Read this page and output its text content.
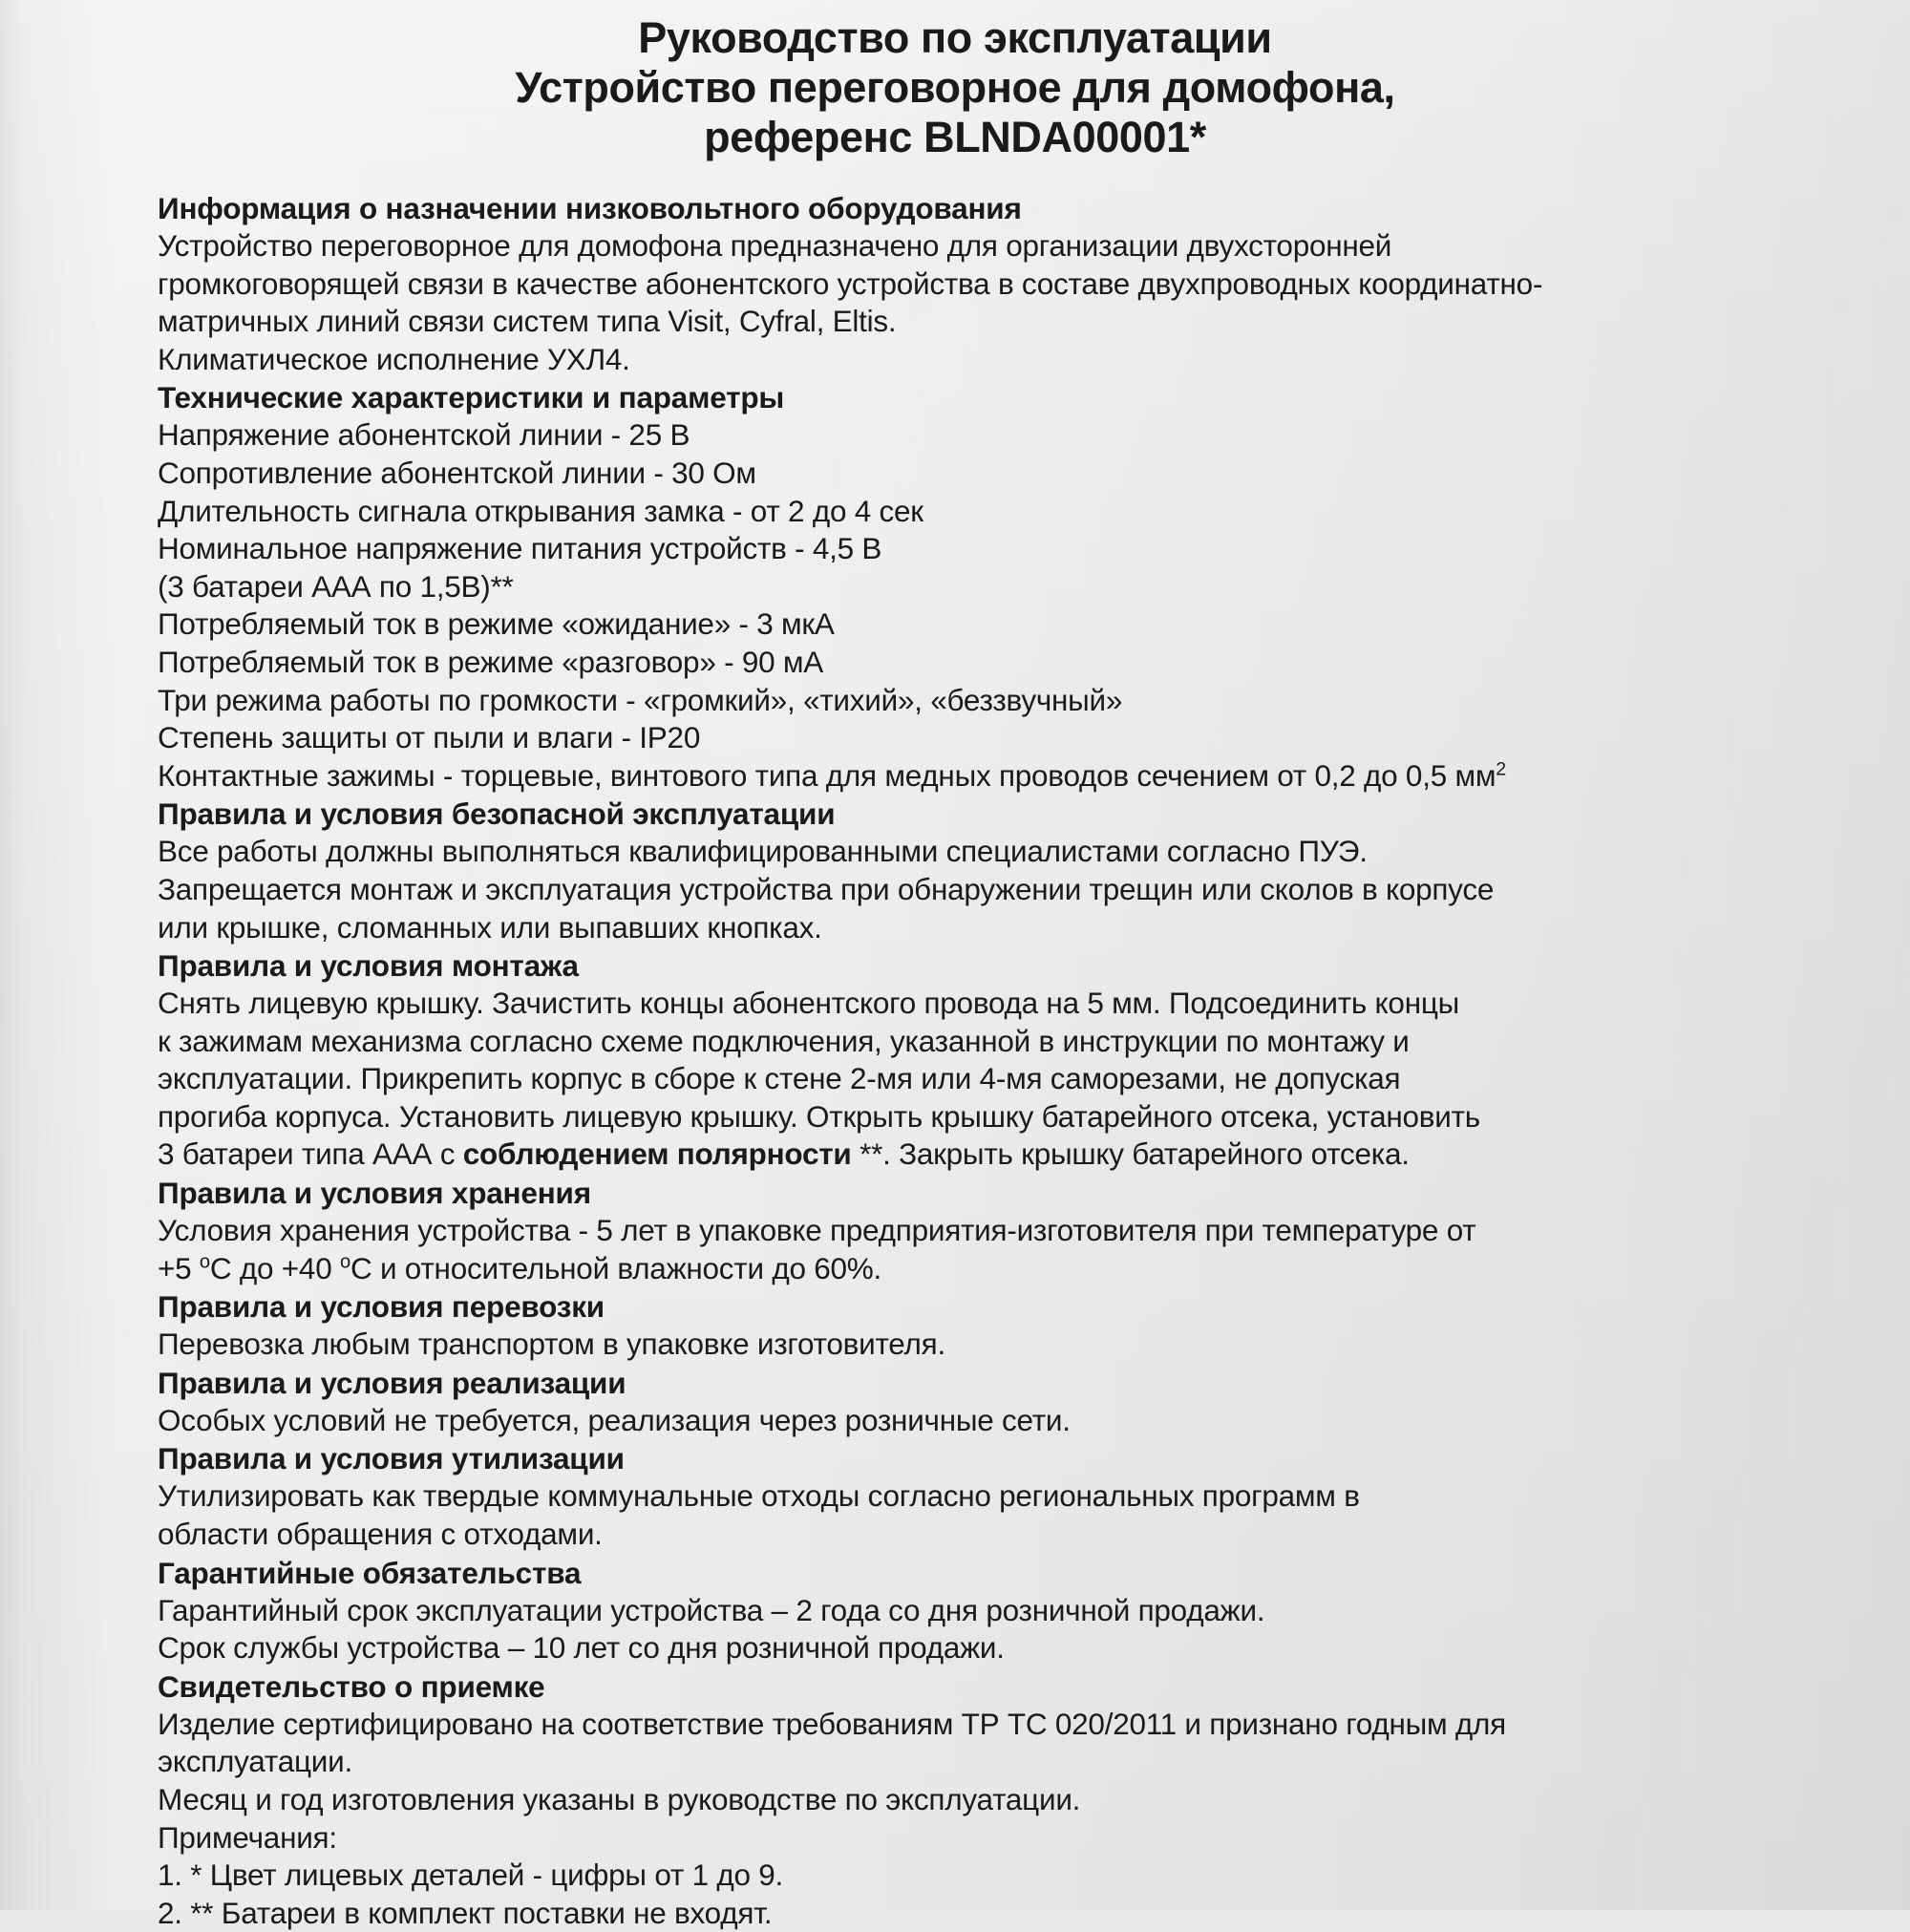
Руководство по эксплуатации
Устройство переговорное для домофона,
референс BLNDA00001*
Информация о назначении низковольтного оборудования
Устройство переговорное для домофона предназначено для организации двухсторонней
громкоговорящей связи в качестве абонентского устройства в составе двухпроводных координатно-
матричных линий связи систем типа Visit, Cyfral, Eltis.
Климатическое исполнение УХЛ4.
Технические характеристики и параметры
Напряжение абонентской линии - 25 В
Сопротивление абонентской линии - 30 Ом
Длительность сигнала открывания замка - от 2 до 4 сек
Номинальное напряжение питания устройств - 4,5 В
(3 батареи ААА по 1,5В)**
Потребляемый ток в режиме «ожидание» - 3 мкА
Потребляемый ток в режиме «разговор» - 90 мА
Три режима работы по громкости - «громкий», «тихий», «беззвучный»
Степень защиты от пыли и влаги - IP20
Контактные зажимы - торцевые, винтового типа для медных проводов сечением от 0,2 до 0,5 $мм^2$
Правила и условия безопасной эксплуатации
Все работы должны выполняться квалифицированными специалистами согласно ПУЭ.
Запрещается монтаж и эксплуатация устройства при обнаружении трещин или сколов в корпусе
или крышке, сломанных или выпавших кнопках.
Правила и условия монтажа
Снять лицевую крышку. Зачистить концы абонентского провода на 5 мм. Подсоединить концы
к зажимам механизма согласно схеме подключения, указанной в инструкции по монтажу и
эксплуатации. Прикрепить корпус в сборе к стене 2-мя или 4-мя саморезами, не допуская
прогиба корпуса. Установить лицевую крышку. Открыть крышку батарейного отсека, установить
3 батареи типа ААА с соблюдением полярности **. Закрыть крышку батарейного отсека.
Правила и условия хранения
Условия хранения устройства - 5 лет в упаковке предприятия-изготовителя при температуре от
+5 $^o$С до +40 $^o$С и относительной влажности до 60%.
Правила и условия перевозки
Перевозка любым транспортом в упаковке изготовителя.
Правила и условия реализации
Особых условий не требуется, реализация через розничные сети.
Правила и условия утилизации
Утилизировать как твердые коммунальные отходы согласно региональных программ в
области обращения с отходами.
Гарантийные обязательства
Гарантийный срок эксплуатации устройства – 2 года со дня розничной продажи.
Срок службы устройства – 10 лет со дня розничной продажи.
Свидетельство о приемке
Изделие сертифицировано на соответствие требованиям ТР ТС 020/2011 и признано годным для
эксплуатации.
Месяц и год изготовления указаны в руководстве по эксплуатации.
Примечания:
1. * Цвет лицевых деталей - цифры от 1 до 9.
2. ** Батареи в комплект поставки не входят.
